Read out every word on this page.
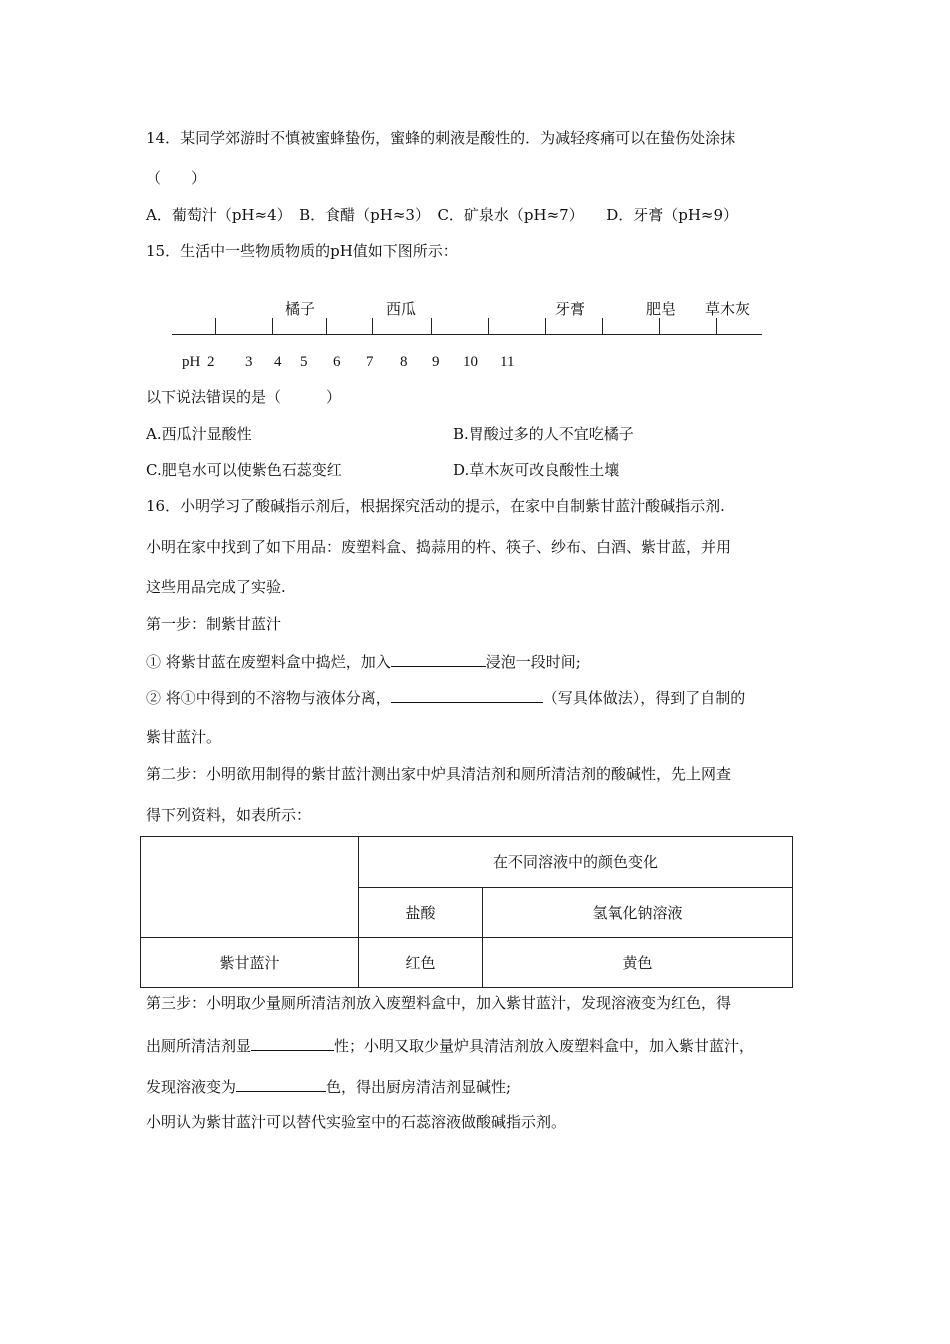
14．某同学郊游时不慎被蜜蜂蛰伤，蜜蜂的刺液是酸性的．为减轻疼痛可以在蛰伤处涂抹
（　　）
A．葡萄汁（pH≈4）　B．食醋（pH≈3）　C．矿泉水（pH≈7）　　D．牙膏（pH≈9）
15．生活中一些物质物质的pH值如下图所示：
橘子	西瓜	牙膏	肥皂 草木灰
pH 2 3 4 5 6 7 8 9 10 11
以下说法错误的是（　　　）
A.西瓜汁显酸性	B.胃酸过多的人不宜吃橘子
C.肥皂水可以使紫色石蕊变红	D.草木灰可改良酸性土壤
16．小明学习了酸碱指示剂后，根据探究活动的提示，在家中自制紫甘蓝汁酸碱指示剂.
小明在家中找到了如下用品：废塑料盒、捣蒜用的杵、筷子、纱布、白酒、紫甘蓝，并用
这些用品完成了实验.
第一步：制紫甘蓝汁
① 将紫甘蓝在废塑料盒中捣烂，加入	浸泡一段时间;
② 将①中得到的不溶物与液体分离，	（写具体做法），得到了自制的
紫甘蓝汁。
第二步：小明欲用制得的紫甘蓝汁测出家中炉具清洁剂和厕所清洁剂的酸碱性，先上网查
得下列资料，如表所示：
	在不同溶液中的颜色变化	
	盐酸	氢氧化钠溶液
紫甘蓝汁	红色	黄色
第三步：小明取少量厕所清洁剂放入废塑料盒中，加入紫甘蓝汁，发现溶液变为红色，得
出厕所清洁剂显	性；小明又取少量炉具清洁剂放入废塑料盒中，加入紫甘蓝汁，
发现溶液变为	色，得出厨房清洁剂显碱性;
小明认为紫甘蓝汁可以替代实验室中的石蕊溶液做酸碱指示剂。
